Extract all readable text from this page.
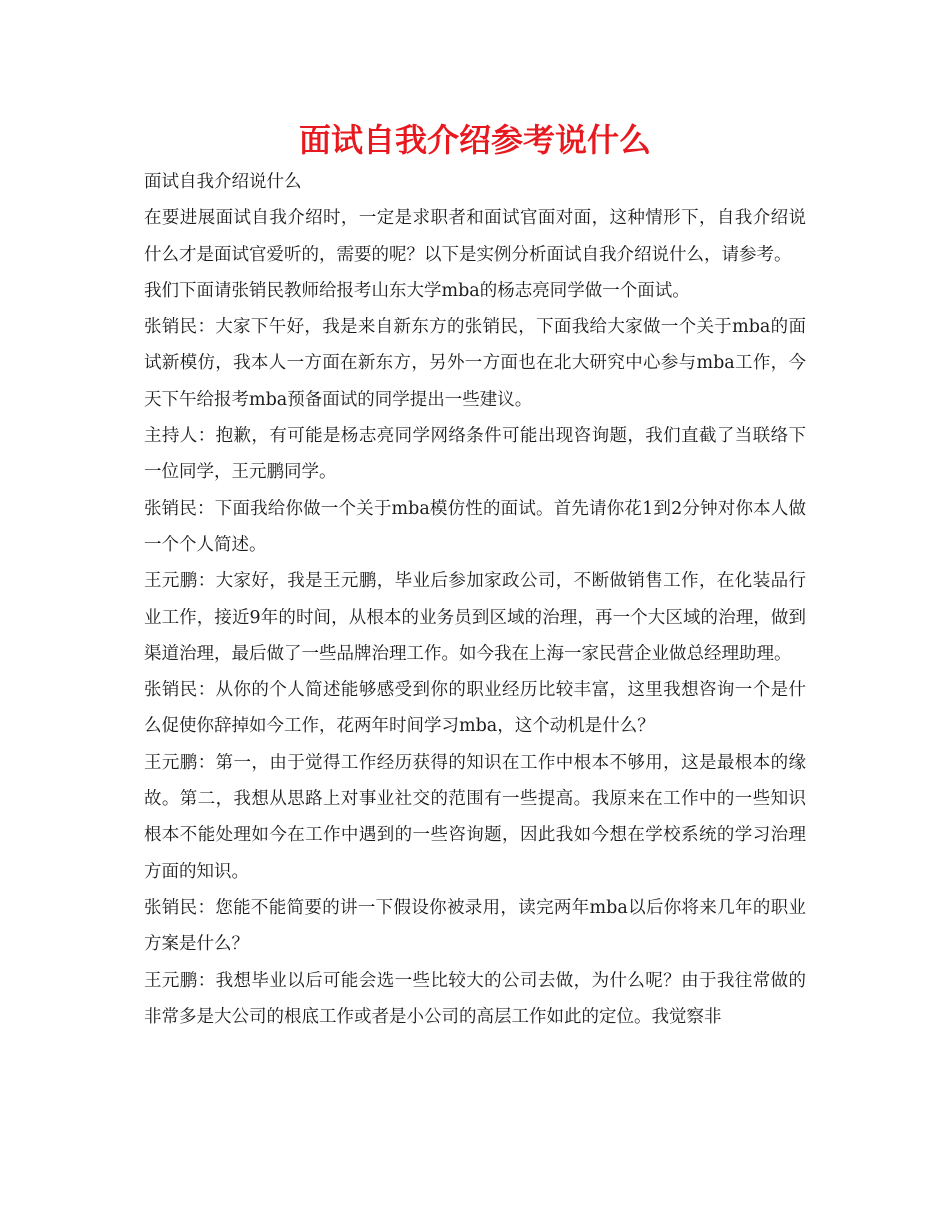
面试自我介绍参考说什么

面试自我介绍说什么

在要进展面试自我介绍时，一定是求职者和面试官面对面，这种情形下，自我介绍说什么才是面试官爱听的，需要的呢？以下是实例分析面试自我介绍说什么，请参考。

我们下面请张销民教师给报考山东大学mba的杨志亮同学做一个面试。

张销民：大家下午好，我是来自新东方的张销民，下面我给大家做一个关于mba的面试新模仿，我本人一方面在新东方，另外一方面也在北大研究中心参与mba工作，今天下午给报考mba预备面试的同学提出一些建议。

主持人：抱歉，有可能是杨志亮同学网络条件可能出现咨询题，我们直截了当联络下一位同学，王元鹏同学。

张销民：下面我给你做一个关于mba模仿性的面试。首先请你花1到2分钟对你本人做一个个人简述。

王元鹏：大家好，我是王元鹏，毕业后参加家政公司，不断做销售工作，在化装品行业工作，接近9年的时间，从根本的业务员到区域的治理，再一个大区域的治理，做到渠道治理，最后做了一些品牌治理工作。如今我在上海一家民营企业做总经理助理。

张销民：从你的个人简述能够感受到你的职业经历比较丰富，这里我想咨询一个是什么促使你辞掉如今工作，花两年时间学习mba，这个动机是什么？

王元鹏：第一，由于觉得工作经历获得的知识在工作中根本不够用，这是最根本的缘故。第二，我想从思路上对事业社交的范围有一些提高。我原来在工作中的一些知识根本不能处理如今在工作中遇到的一些咨询题，因此我如今想在学校系统的学习治理方面的知识。

张销民：您能不能简要的讲一下假设你被录用，读完两年mba以后你将来几年的职业方案是什么？

王元鹏：我想毕业以后可能会选一些比较大的公司去做，为什么呢？由于我往常做的非常多是大公司的根底工作或者是小公司的高层工作如此的定位。我觉察非
